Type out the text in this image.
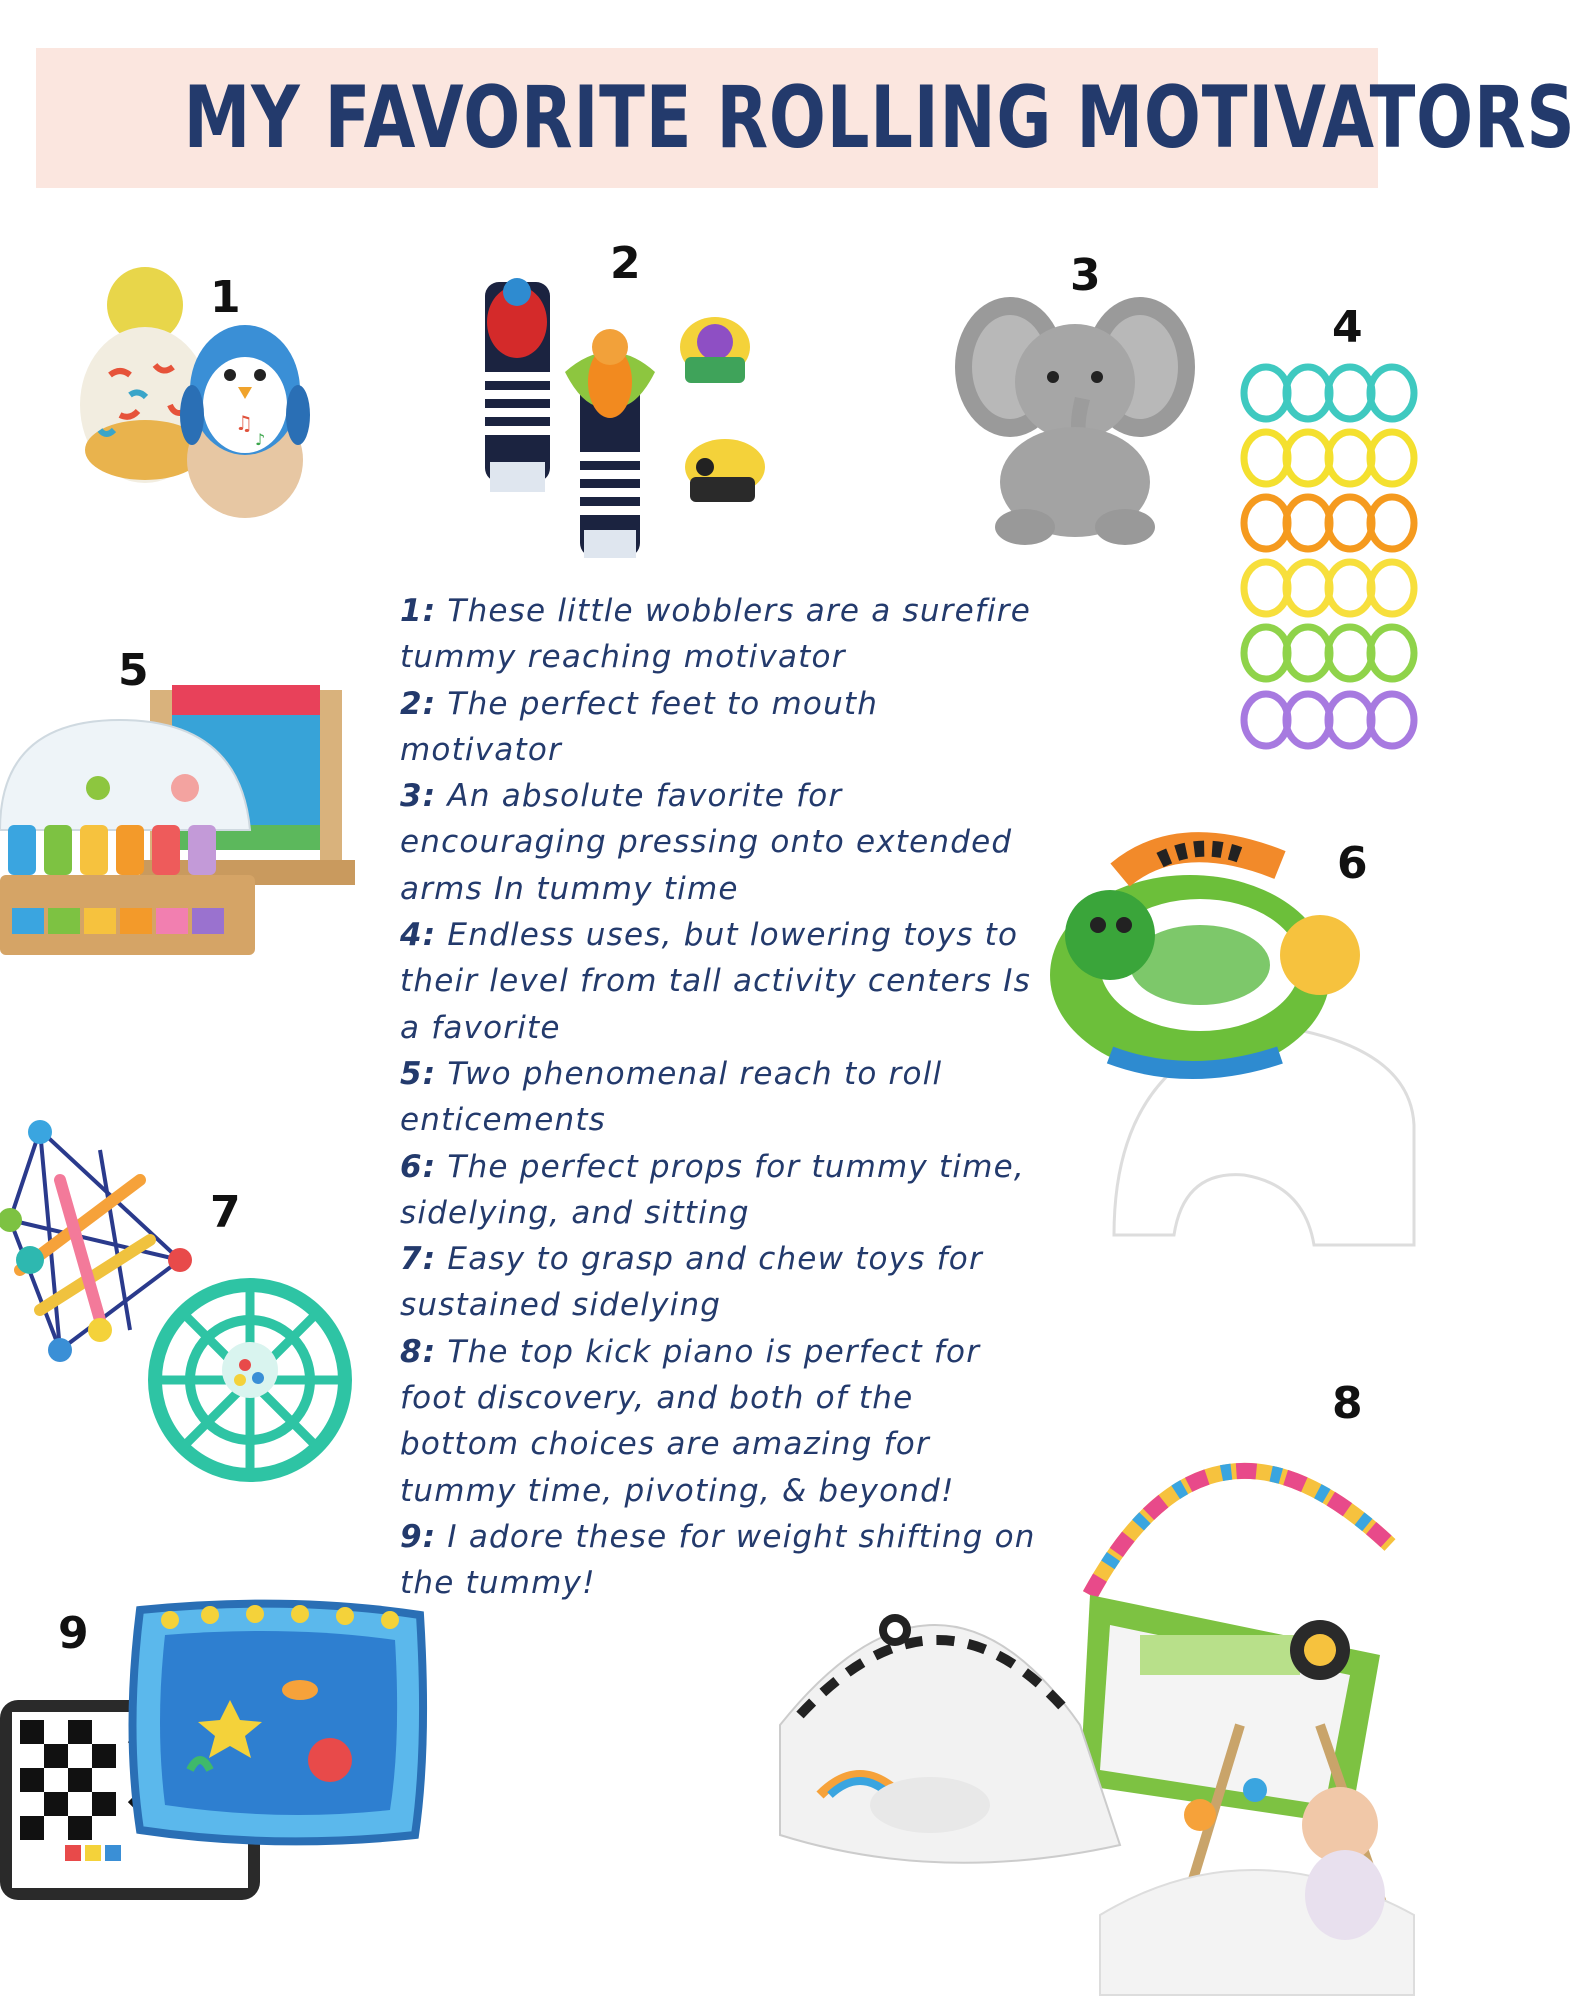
MY FAVORITE ROLLING MOTIVATORS
1
2	3
4
5
6
7
8
9
1: These little wobblers are a surefire tummy reaching motivator
2: The perfect feet to mouth motivator
3: An absolute favorite for encouraging pressing onto extended arms In tummy time
4: Endless uses, but lowering toys to their level from tall activity centers Is a favorite
5: Two phenomenal reach to roll enticements
6: The perfect props for tummy time, sidelying, and sitting
7: Easy to grasp and chew toys for sustained sidelying
8: The top kick piano is perfect for foot discovery, and both of the bottom choices are amazing for tummy time, pivoting, & beyond!
9: I adore these for weight shifting on the tummy!
♫
♪
